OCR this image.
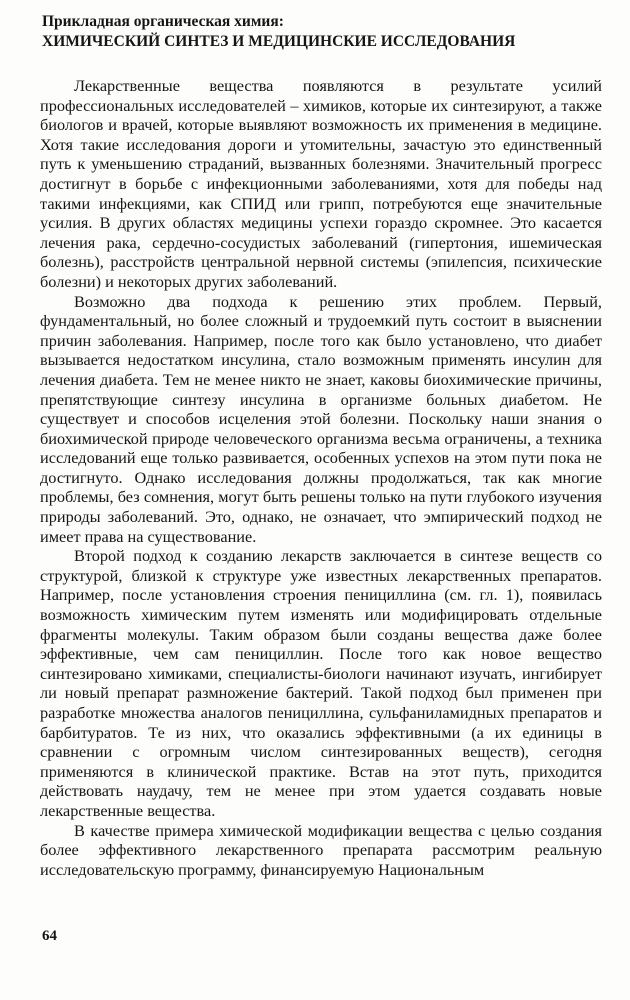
Прикладная органическая химия:
ХИМИЧЕСКИЙ СИНТЕЗ И МЕДИЦИНСКИЕ ИССЛЕДОВАНИЯ

Лекарственные вещества появляются в результате усилий профессиональных исследователей – химиков, которые их синтезируют, а также биологов и врачей, которые выявляют возможность их применения в медицине. Хотя такие исследования дороги и утомительны, зачастую это единственный путь к уменьшению страданий, вызванных болезнями. Значительный прогресс достигнут в борьбе с инфекционными заболеваниями, хотя для победы над такими инфекциями, как СПИД или грипп, потребуются еще значительные усилия. В других областях медицины успехи гораздо скромнее. Это касается лечения рака, сердечно-сосудистых заболеваний (гипертония, ишемическая болезнь), расстройств центральной нервной системы (эпилепсия, психические болезни) и некоторых других заболеваний.

Возможно два подхода к решению этих проблем. Первый, фундаментальный, но более сложный и трудоемкий путь состоит в выяснении причин заболевания. Например, после того как было установлено, что диабет вызывается недостатком инсулина, стало возможным применять инсулин для лечения диабета. Тем не менее никто не знает, каковы биохимические причины, препятствующие синтезу инсулина в организме больных диабетом. Не существует и способов исцеления этой болезни. Поскольку наши знания о биохимической природе человеческого организма весьма ограничены, а техника исследований еще только развивается, особенных успехов на этом пути пока не достигнуто. Однако исследования должны продолжаться, так как многие проблемы, без сомнения, могут быть решены только на пути глубокого изучения природы заболеваний. Это, однако, не означает, что эмпирический подход не имеет права на существование.

Второй подход к созданию лекарств заключается в синтезе веществ со структурой, близкой к структуре уже известных лекарственных препаратов. Например, после установления строения пенициллина (см. гл. 1), появилась возможность химическим путем изменять или модифицировать отдельные фрагменты молекулы. Таким образом были созданы вещества даже более эффективные, чем сам пенициллин. После того как новое вещество синтезировано химиками, специалисты-биологи начинают изучать, ингибирует ли новый препарат размножение бактерий. Такой подход был применен при разработке множества аналогов пенициллина, сульфаниламидных препаратов и барбитуратов. Те из них, что оказались эффективными (а их единицы в сравнении с огромным числом синтезированных веществ), сегодня применяются в клинической практике. Встав на этот путь, приходится действовать наудачу, тем не менее при этом удается создавать новые лекарственные вещества.

В качестве примера химической модификации вещества с целью создания более эффективного лекарственного препарата рассмотрим реальную исследовательскую программу, финансируемую Национальным

64
